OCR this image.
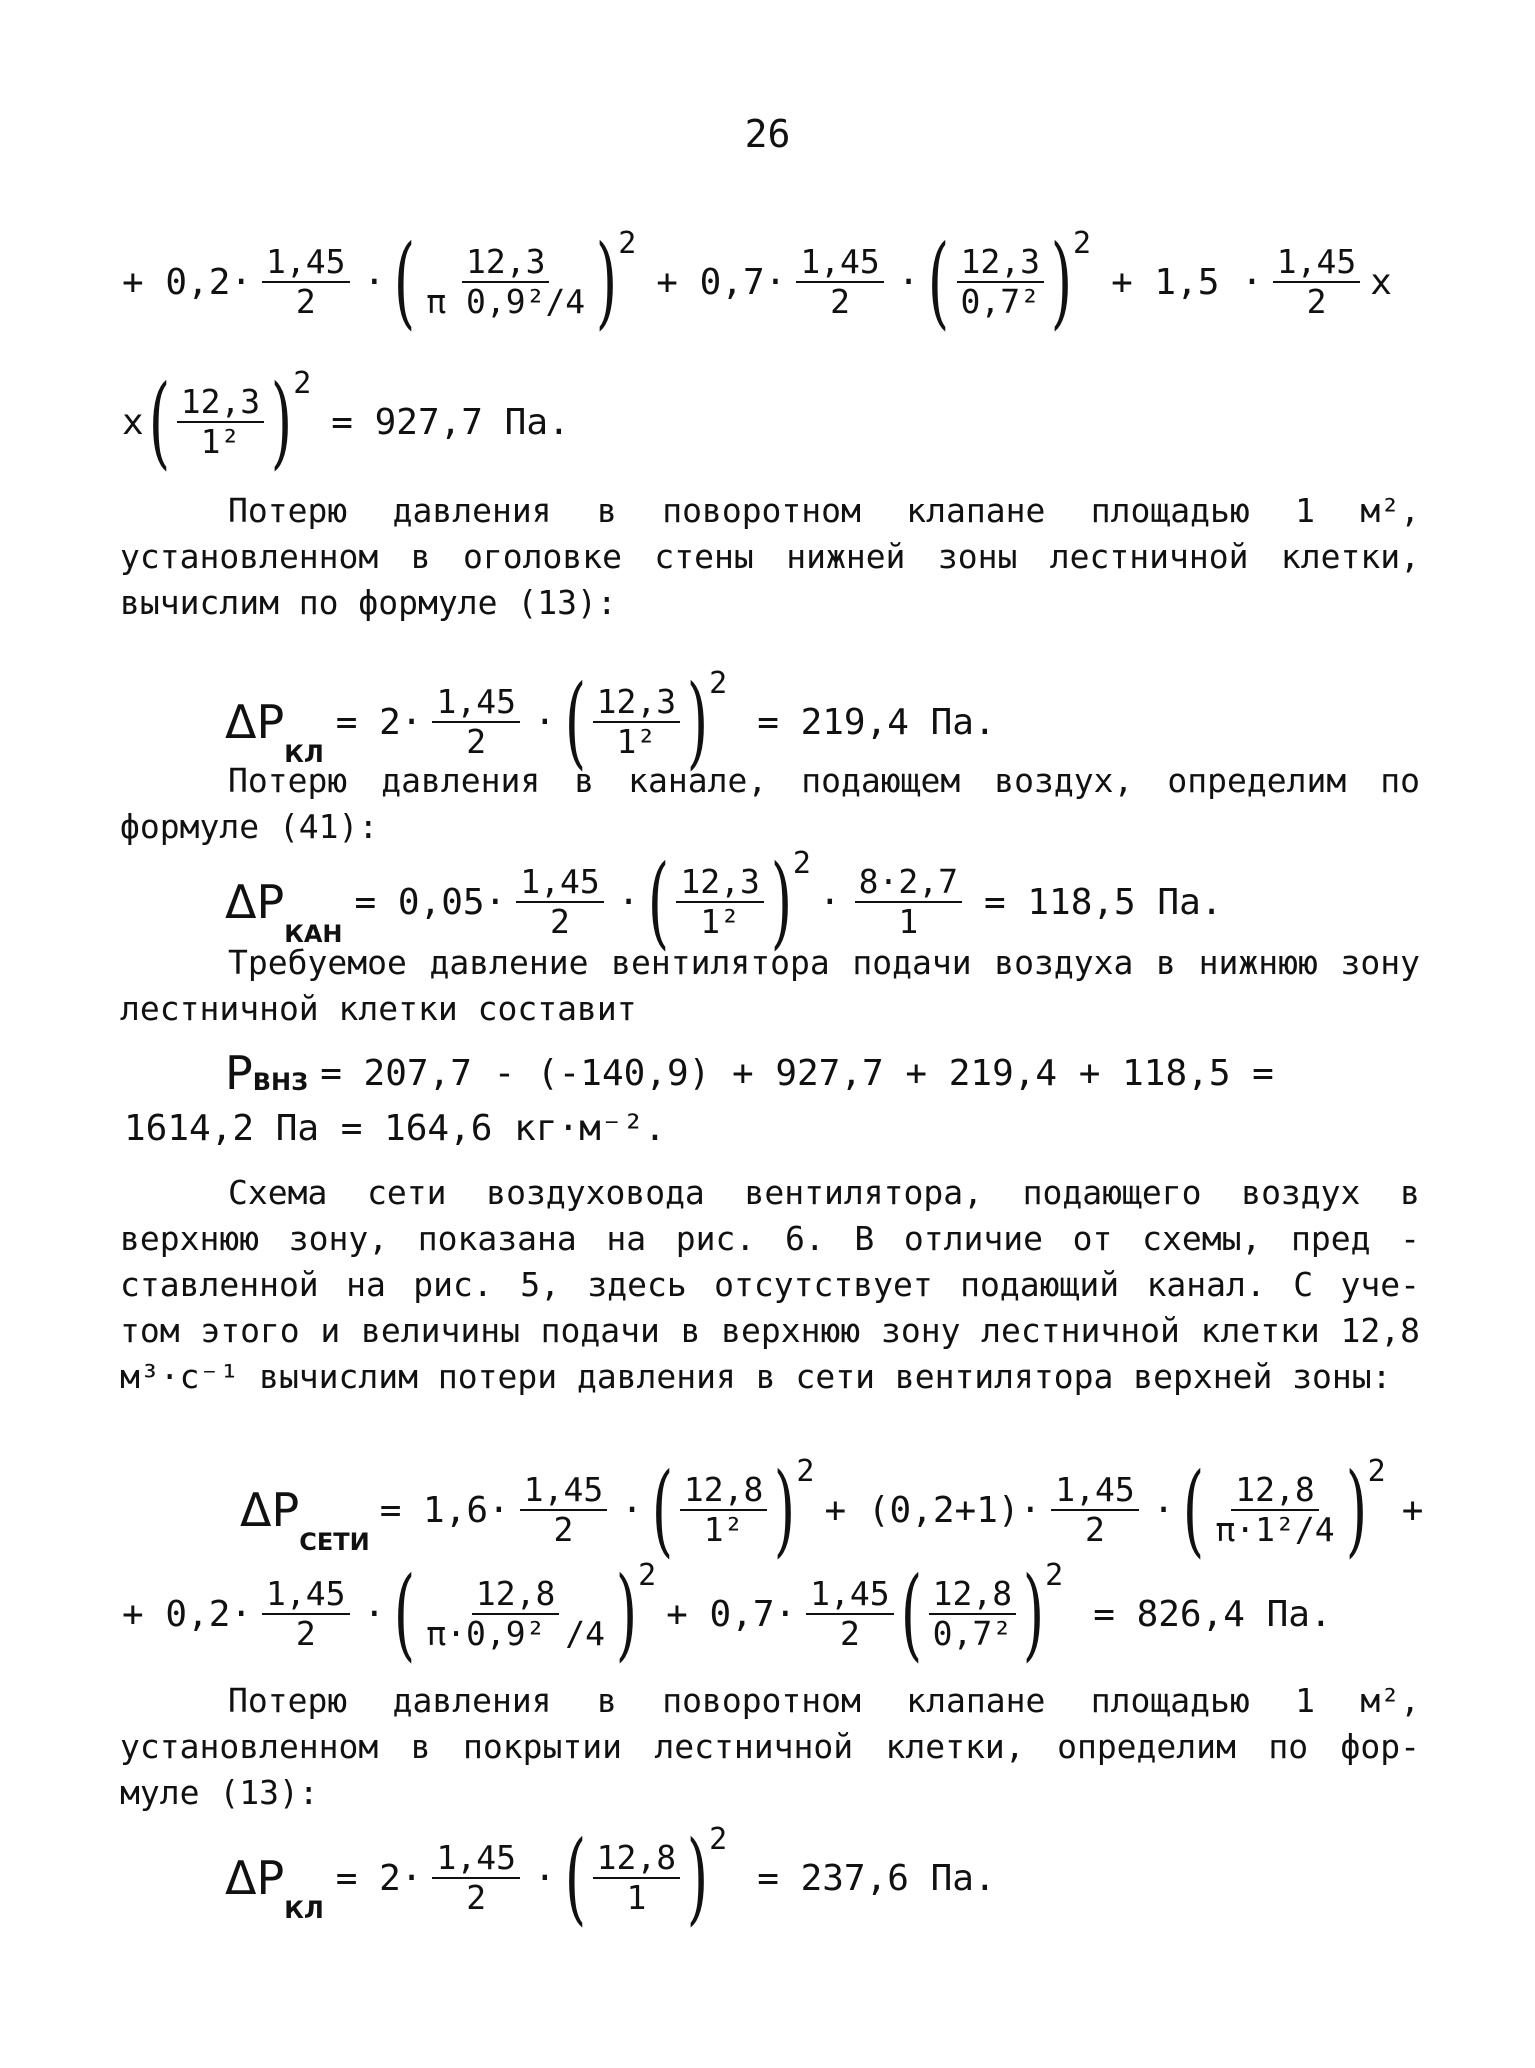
26
+ $0,2\cdot \frac{1,45}{2}$ · ( $\frac{12,3}{\text{π 0,9²/4}}$ ) 2
+ $0,7\cdot \frac{1,45}{2}$ · ( $\frac{12,3}{\text{0,7²}}$ ) 2
+ $1,5 \cdot \frac{1,45}{2}$ x
x ( $\frac{12,3}{\text{1²}}$ ) 2
= 927,7 Па.
Потерю давления в поворотном клапане площадью 1 м², установленном в оголовке стены нижней зоны лестничной клетки, вычислим по формуле (13):
ΔP
КЛ
= $2\cdot \frac{1,45}{2}$ · ( $\frac{12,3}{\text{1²}}$ ) 2
= 219,4 Па.
Потерю давления в канале, подающем воздух, определим по формуле (41):
ΔP
КАН
= $0,05\cdot \frac{1,45}{2}$ · ( $\frac{12,3}{\text{1²}}$ ) 2
· $\frac{8\cdot 2,7}{1} = 118,5$ Па.
Требуемое давление вентилятора подачи воздуха в нижнюю зону лестничной клетки составит
P ВНЗ = 207,7 - (-140,9) + 927,7 + 219,4 + 118,5 =
1614,2 Па = 164,6 кг·м⁻².
Схема сети воздуховода вентилятора, подающего воздух в верхнюю зону, показана на рис. 6. В отличие от схемы, пред - ставленной на рис. 5, здесь отсутствует подающий канал. С уче- том этого и величины подачи в верхнюю зону лестничной клетки 12,8 м³·с⁻¹ вычислим потери давления в сети вентилятора верхней зоны:
ΔP
СЕТИ
= $1,6\cdot \frac{1,45}{2}$ · ( $\frac{12,8}{\text{1²}}$ ) 2
+ $(0,2+1)\cdot \frac{1,45}{2}$ · ( $\frac{12,8}{\text{π·1²/4}}$ ) 2
+
+ $0,2\cdot \frac{1,45}{2}$ · ( $\frac{12,8}{\text{π·0,9² /4}}$ ) 2
+ $0,7\cdot \frac{1,45}{2}$ ( $\frac{12,8}{\text{0,7²}}$ ) 2
= 826,4 Па.
Потерю давления в поворотном клапане площадью 1 м², установленном в покрытии лестничной клетки, определим по фор- муле (13):
ΔP
КЛ
= $2\cdot \frac{1,45}{2}$ · ( $\frac{12,8}{1}$ ) 2
= 237,6 Па.
